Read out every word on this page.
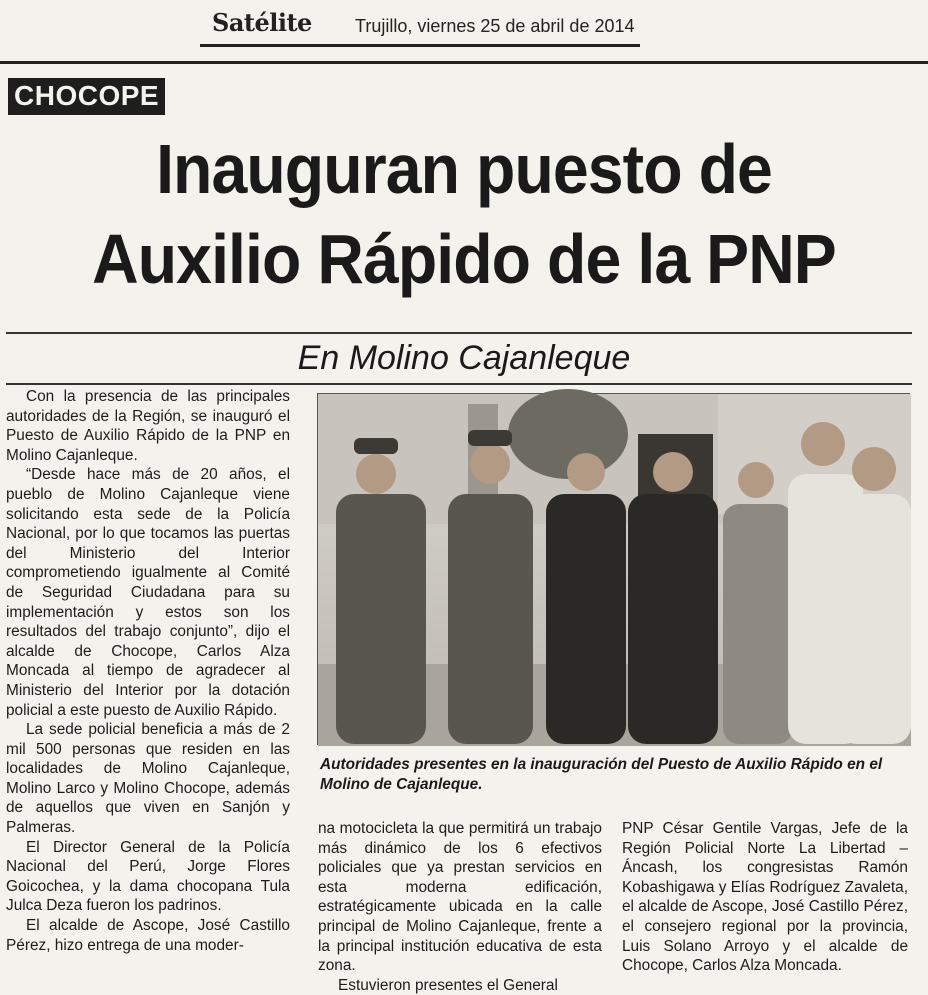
Satélite Trujillo, viernes 25 de abril de 2014
CHOCOPE
Inauguran puesto de
Auxilio Rápido de la PNP
En Molino Cajanleque

Con la presencia de las principales autoridades de la Región, se inauguró el Puesto de Auxilio Rápido de la PNP en Molino Cajanleque.

“Desde hace más de 20 años, el pueblo de Molino Cajanleque viene solicitando esta sede de la Policía Nacional, por lo que tocamos las puertas del Ministerio del Interior comprometiendo igualmente al Comité de Seguridad Ciudadana para su implementación y estos son los resultados del trabajo conjunto”, dijo el alcalde de Chocope, Carlos Alza Moncada al tiempo de agradecer al Ministerio del Interior por la dotación policial a este puesto de Auxilio Rápido.

La sede policial beneficia a más de 2 mil 500 personas que residen en las localidades de Molino Cajanleque, Molino Larco y Molino Chocope, además de aquellos que viven en Sanjón y Palmeras.

El Director General de la Policía Nacional del Perú, Jorge Flores Goicochea, y la dama chocopana Tula Julca Deza fueron los padrinos.

El alcalde de Ascope, José Castillo Pérez, hizo entrega de una moder-

Autoridades presentes en la inauguración del Puesto de Auxilio Rápido en el Molino de Cajanleque.

na motocicleta la que permitirá un trabajo más dinámico de los 6 efectivos policiales que ya prestan servicios en esta moderna edificación, estratégicamente ubicada en la calle principal de Molino Cajanleque, frente a la principal institución educativa de esta zona.

Estuvieron presentes el General

PNP César Gentile Vargas, Jefe de la Región Policial Norte La Libertad – Áncash, los congresistas Ramón Kobashigawa y Elías Rodríguez Zavaleta, el alcalde de Ascope, José Castillo Pérez, el consejero regional por la provincia, Luis Solano Arroyo y el alcalde de Chocope, Carlos Alza Moncada.
